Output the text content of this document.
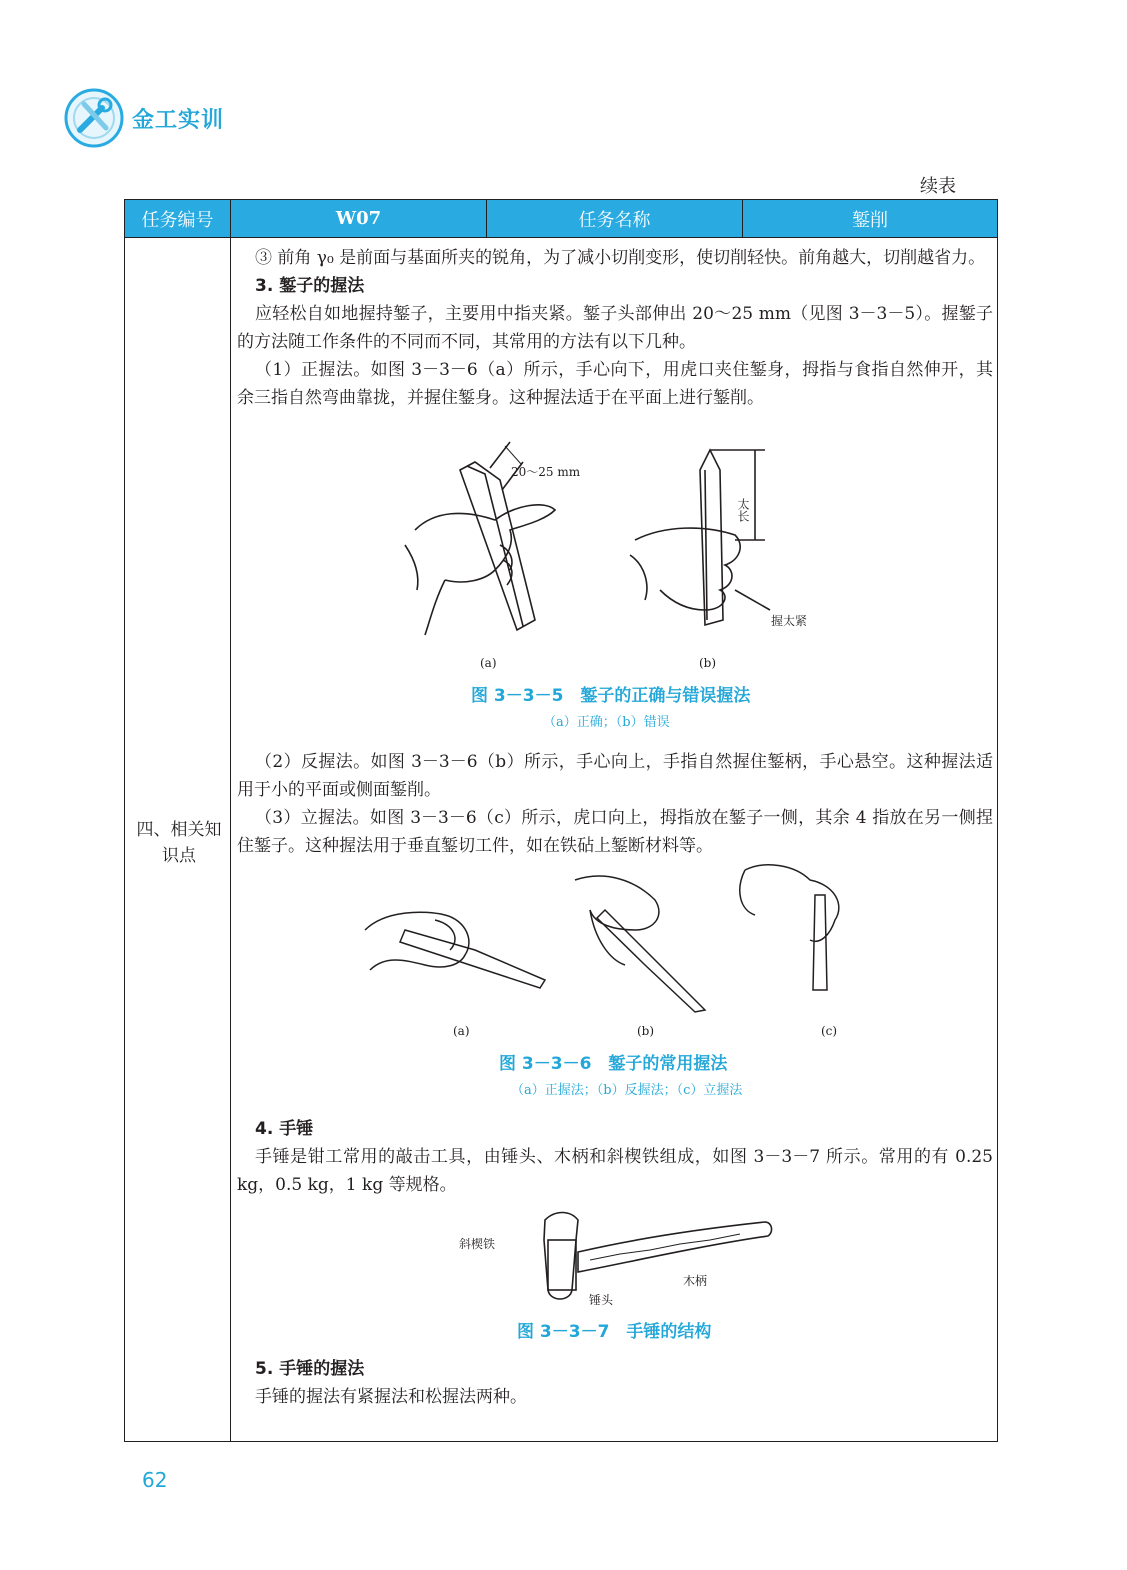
金工实训
续表
任务编号	W07	任务名称	錾削
四、相关知识点

③ 前角 γ₀ 是前面与基面所夹的锐角，为了减小切削变形，使切削轻快。前角越大，切削越省力。

3. 錾子的握法

应轻松自如地握持錾子，主要用中指夹紧。錾子头部伸出 20～25 mm（见图 3－3－5）。握錾子的方法随工作条件的不同而不同，其常用的方法有以下几种。

（1）正握法。如图 3－3－6（a）所示，手心向下，用虎口夹住錾身，拇指与食指自然伸开，其余三指自然弯曲靠拢，并握住錾身。这种握法适于在平面上进行錾削。

20～25 mm
太长
握太紧
(a)	(b)
图 3－3－5　錾子的正确与错误握法
（a）正确；（b）错误

（2）反握法。如图 3－3－6（b）所示，手心向上，手指自然握住錾柄，手心悬空。这种握法适用于小的平面或侧面錾削。

（3）立握法。如图 3－3－6（c）所示，虎口向上，拇指放在錾子一侧，其余 4 指放在另一侧捏住錾子。这种握法用于垂直錾切工件，如在铁砧上錾断材料等。

(a)	(b)	(c)
图 3－3－6　錾子的常用握法
（a）正握法；（b）反握法；（c）立握法

4. 手锤

手锤是钳工常用的敲击工具，由锤头、木柄和斜楔铁组成，如图 3－3－7 所示。常用的有 0.25 kg，0.5 kg，1 kg 等规格。

斜楔铁
木柄
锤头
图 3－3－7　手锤的结构

5. 手锤的握法

手锤的握法有紧握法和松握法两种。

62
